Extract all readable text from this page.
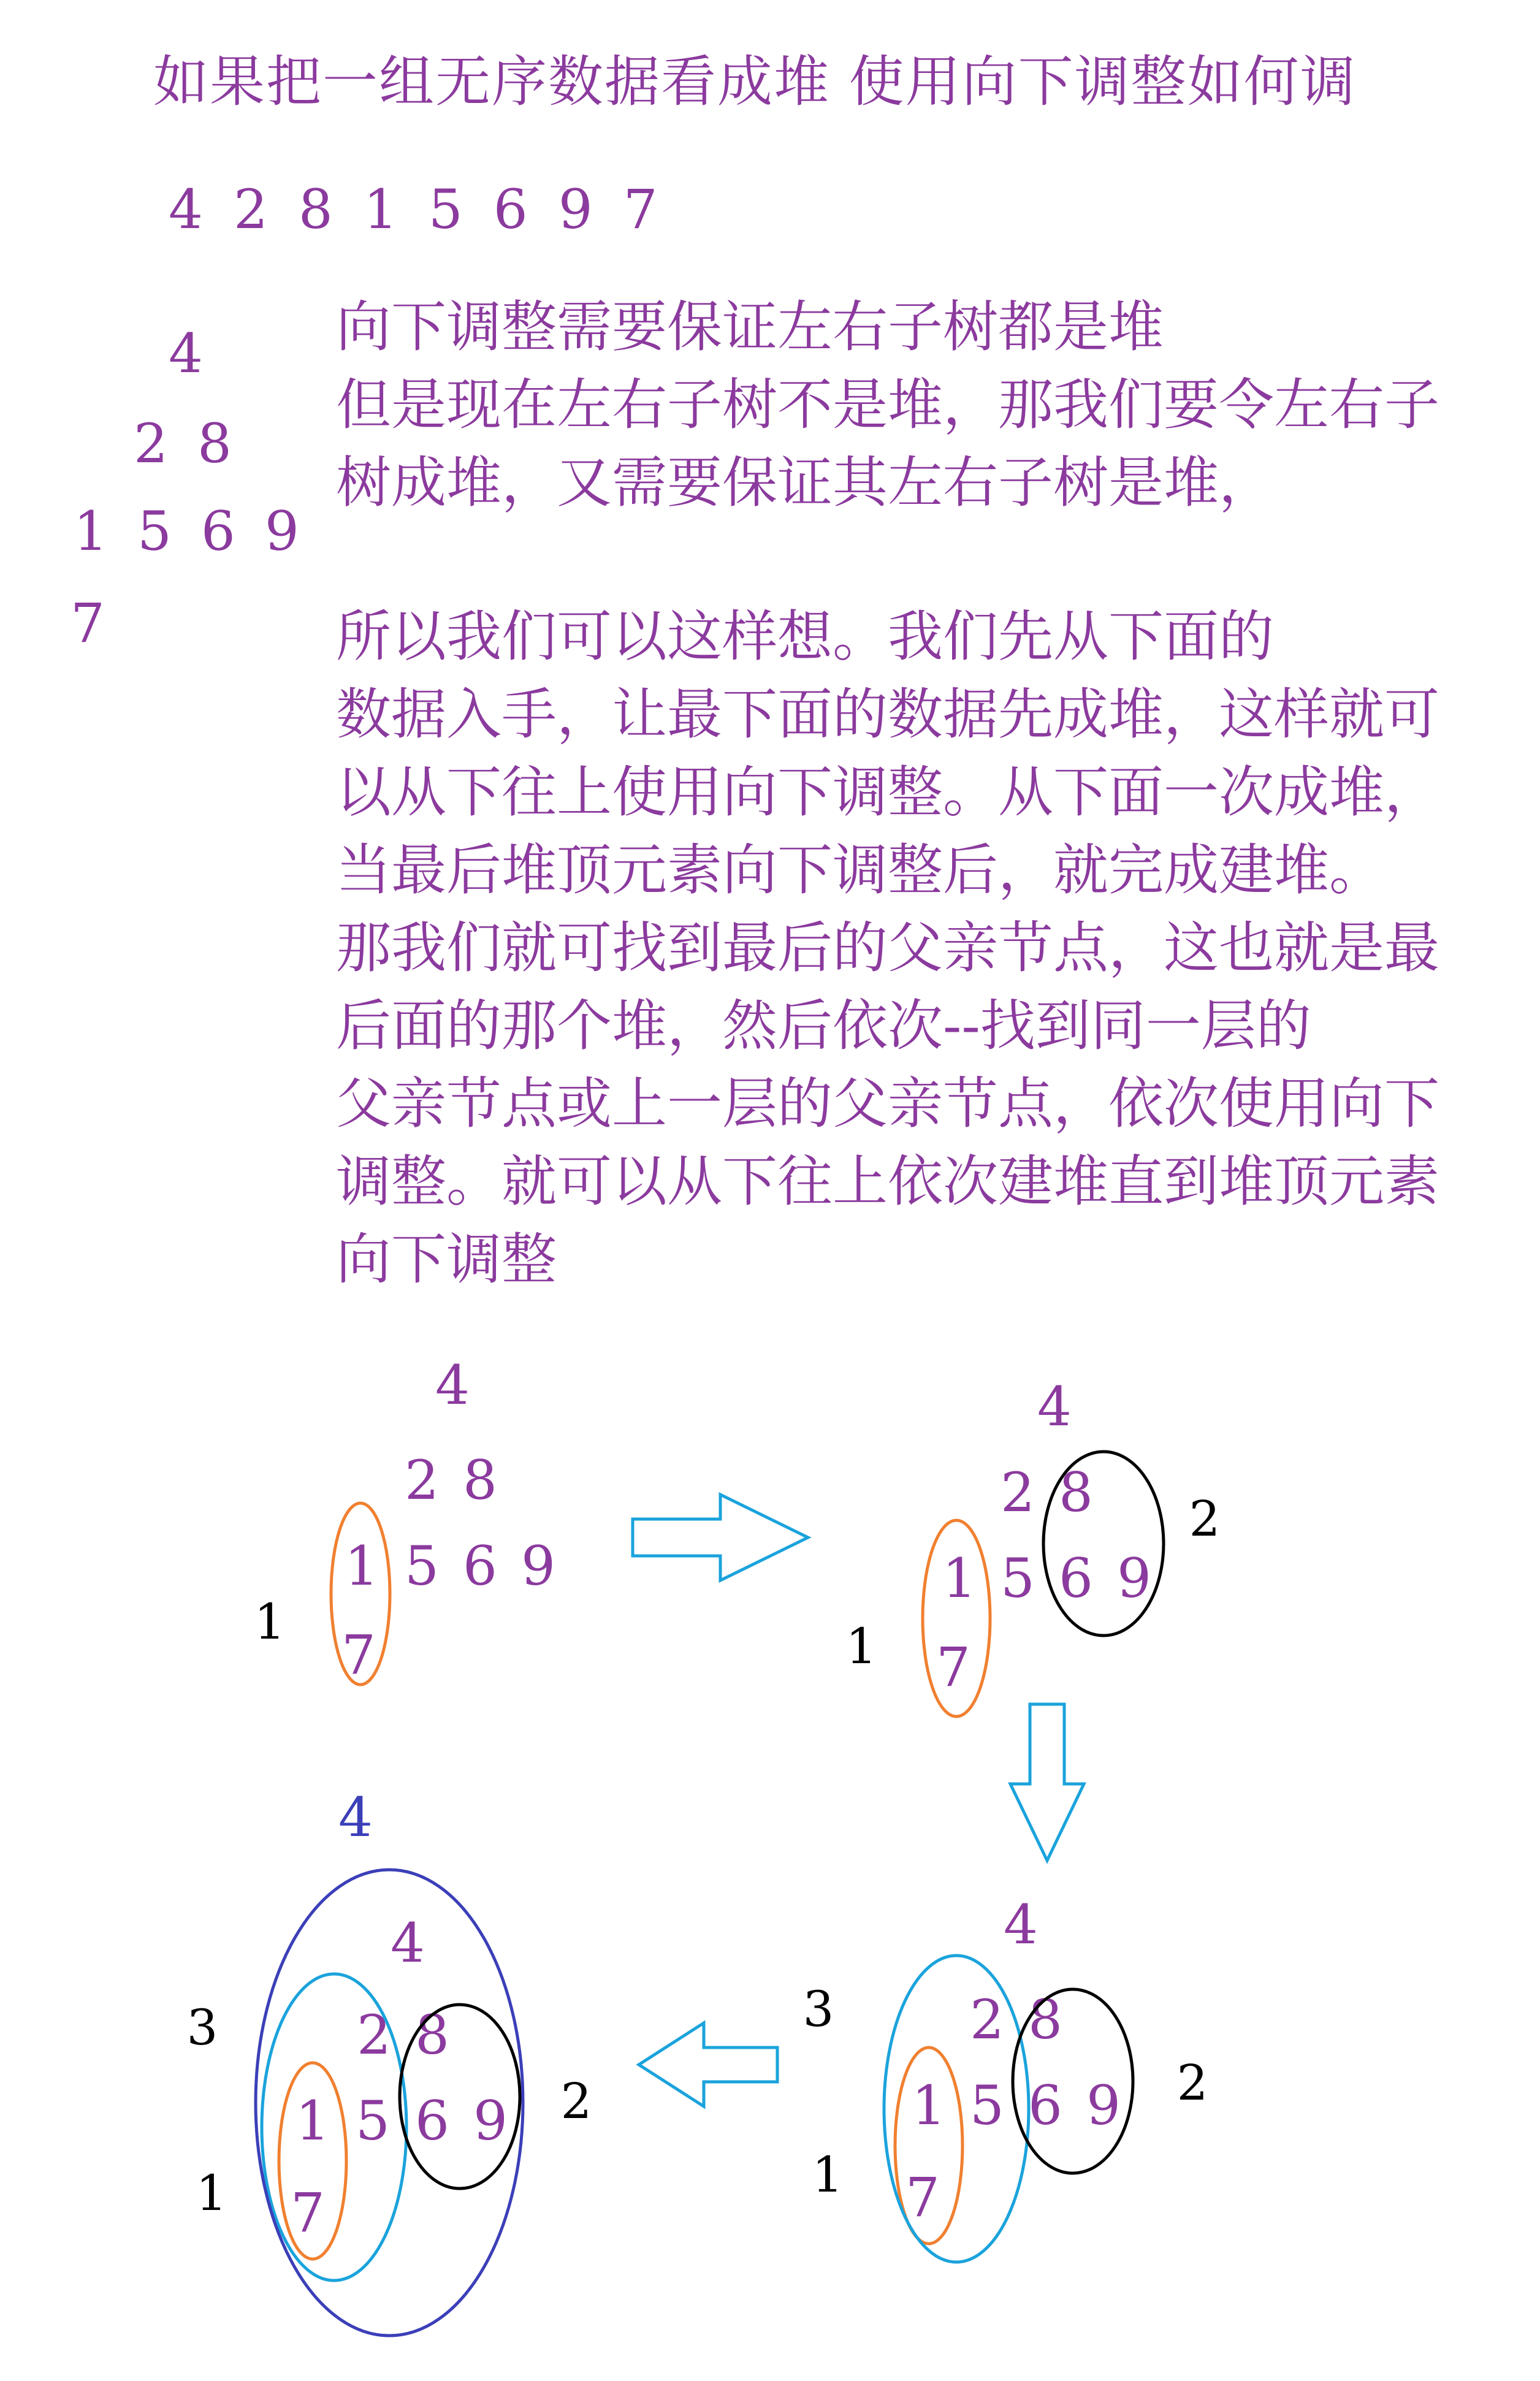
如果把一组无序数据看成堆 使用向下调整如何调
4 2 8 1 5 6 9 7
4
2 8
1 5 6 9
7

向下调整需要保证左右子树都是堆

但是现在左右子树不是堆，那我们要令左右子

树成堆，又需要保证其左右子树是堆，

所以我们可以这样想。我们先从下面的

数据入手，让最下面的数据先成堆，这样就可

以从下往上使用向下调整。从下面一次成堆，

当最后堆顶元素向下调整后，就完成建堆。

那我们就可找到最后的父亲节点，这也就是最

后面的那个堆，然后依次--找到同一层的

父亲节点或上一层的父亲节点，依次使用向下

调整。就可以从下往上依次建堆直到堆顶元素

向下调整

4
2 8
1 5 6 9
7
1
4
2 8
1 5 6 9
7
1
2
4
2 8
1 5 6 9
7
3
1
2
4
4
2 8
1 5 6 9
7
3
1
2
